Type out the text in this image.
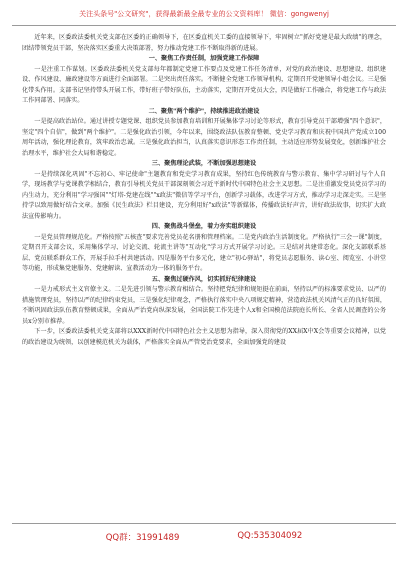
关注头条号"公文研究"，获得最新最全最专业的公文资料库！ 微信：gongwenyj

近年来，区委政法委机关党支部在区委的正确领导下，在区委直机关工委的直接领导下，牢固树立"抓好党建是最大政绩"的理念，团结带领党员干部，坚决落实区委重大决策部署，努力推动党建工作不断取得新的进展。

一、聚焦工作责任制，加强党建工作保障

一是注重工作谋划。区委政法委机关党支部每年都制定党建工作要点及党建工作任务清单，对党的政治建设、思想建设、组织建设、作风建设、廉政建设等方面进行全面部署。二是突出责任落实。不断健全党建工作领导机构，定期召开党建领导小组会议。三是强化带头作用。支部书记坚持带头开展工作，带好班子带好队伍，主动落实，定期召开党员大会，四是做好工作融合，将党建工作与政法工作同部署、同落实。

二、聚焦"两个维护"，持续推进政治建设

一是提高政治站位。通过讲授专题党课、组织党员参加教育培训和开展集体学习讨论等形式，教育引导党员干部增强"四个意识"，坚定"四个自信"，做到"两个维护"。二是强化政治引领，今年以来，围绕政法队伍教育整顿、党史学习教育和庆祝中国共产党成立100周年活动，强化理论教育，筑牢政治忠诚。三是强化政治担当，认真落实意识形态工作责任制，主动适应形势发展变化，创新维护社会治理水平，维护社会大局和谐稳定。

三、聚焦理论武装，不断加强思想建设

一是持续深化巩固"不忘初心、牢记使命"主题教育和党史学习教育成果，坚持红色传统教育与警示教育、集中学习研讨与个人自学，现场教学与党课教学相结合，教育引导机关党员干部深刻领会习近平新时代中国特色社会主义思想。二是注重激发党员党员学习的内生动力，充分利用"学习强国""灯塔-党建在线""x政法"微信等学习平台，创新学习载体，改进学习方式，推动学习走深走实。三是坚持学以致用做好结合文章。加强《民生政法》栏目建设，充分利用好"x政法"等新媒体，传播政法好声音，讲好政法故事，切实扩大政法宣传影响力。

四、聚焦战斗堡垒，着力夯实组织建设

一是党员管理规范化。严格按照"五核查"要求完善党员花名册和管理档案。二是党内政治生活制度化。严格执行"三会一课"制度，定期召开支部会议，采用集体学习、讨论交流、轮流主讲等"互动化"学习方式开展学习讨论。三是结对共建常态化。深化支部联系基层、党员联系群众工作，开展手拉手村共建活动。四是服务平台多元化，建立"初心驿站"，将党员志愿服务、读心室、阅览室、小讲堂等功能，形成集党建服务、党建解读、宣教活动为一体的服务平台。

五、聚焦过硬作风，切实抓好纪律建设

一是力戒形式主义官僚主义。二是先进引领与警示教育相结合。坚持把党纪律和规矩挺在前面，坚持以严的标准要求党员、以严的措施管理党员，坚持以严的纪律约束党员，三是强化纪律观念，严格执行落实中央八项规定精神，营造政法机关风清气正的良好氛围，不断巩固政法队伍教育整顿成果，全面从严治党向纵深发展，全国法院工作先进个人x和全国模范法院庭长所长、全省人民调查的公务员x分别市推荐。

下一步，区委政法委机关党支部将以XXX新时代中国特色社会主义思想为指导，深入贯彻党的XX届X中X会等重要会议精神，以党的政治建设为统领，以创建模范机关为载体，严格落实全面从严管党治党要求，全面加强党的建设

QQ群：31991489	QQ:535304092
